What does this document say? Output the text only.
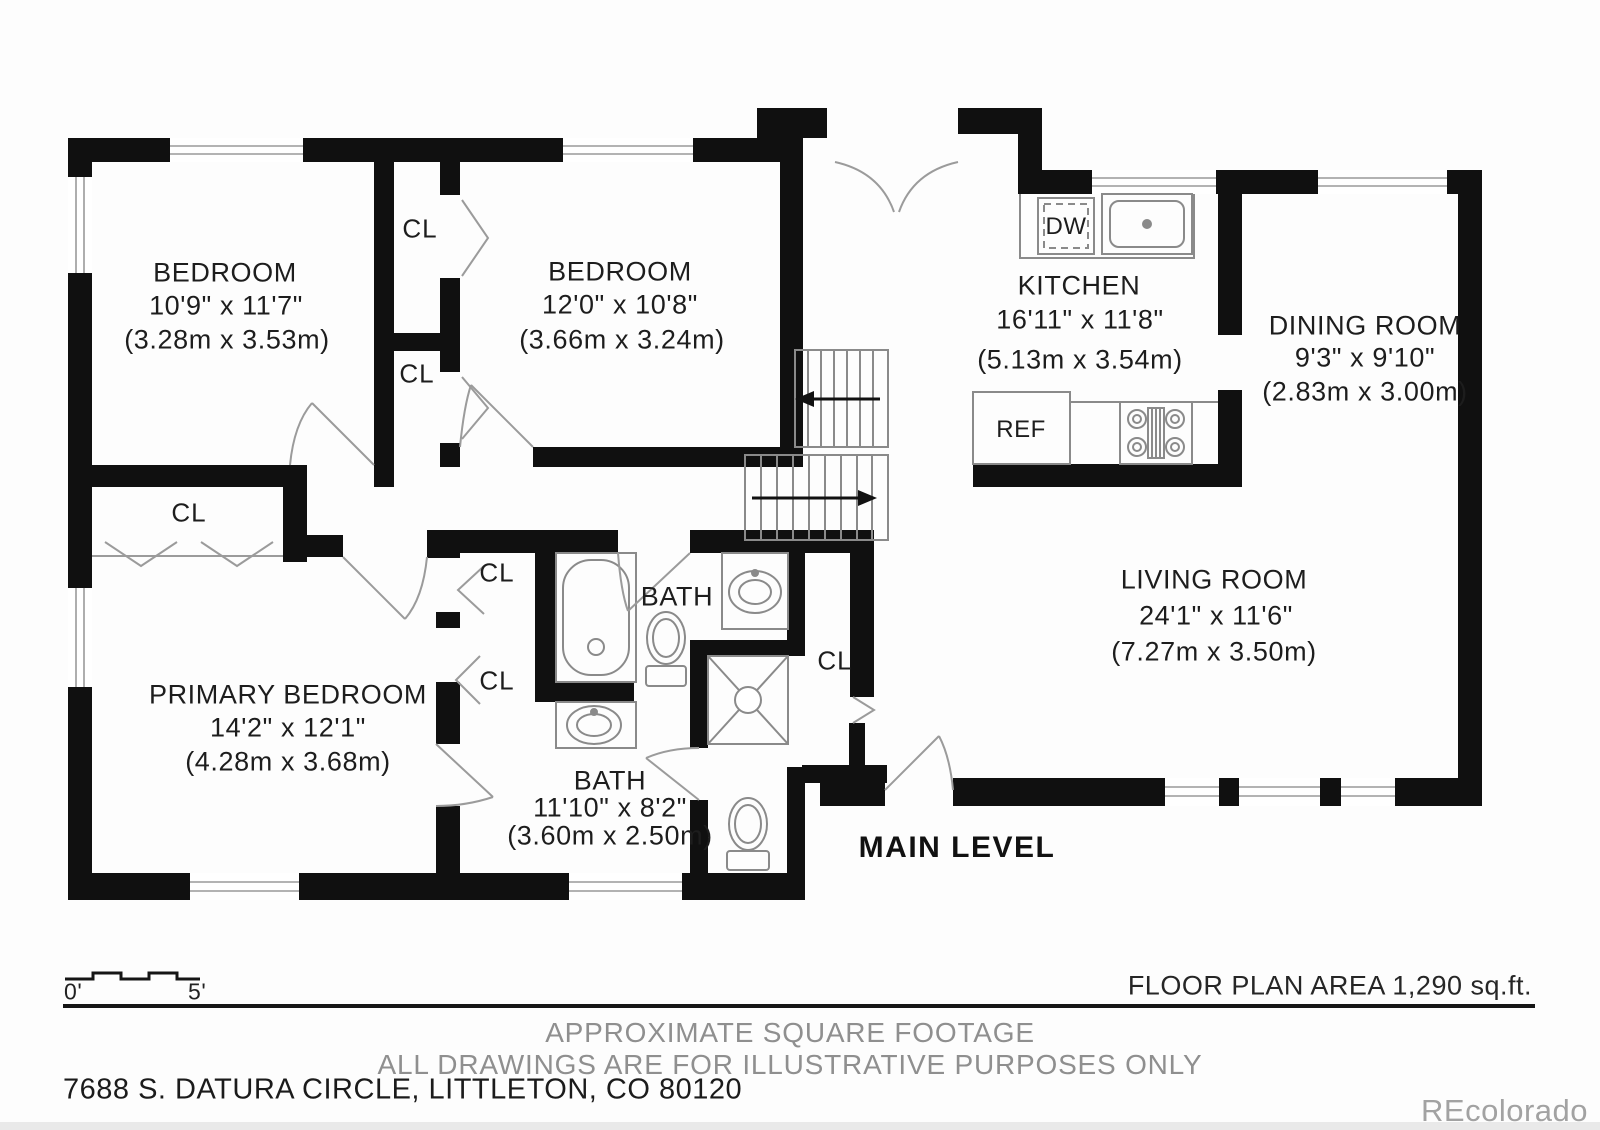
BEDROOM
10'9" x 11'7"
(3.28m x 3.53m)
BEDROOM
12'0" x 10'8"
(3.66m x 3.24m)
KITCHEN
16'11" x 11'8"
(5.13m x 3.54m)
DINING ROOM
9'3" x 9'10"
(2.83m x 3.00m)
LIVING ROOM
24'1" x 11'6"
(7.27m x 3.50m)
PRIMARY BEDROOM
14'2" x 12'1"
(4.28m x 3.68m)
BATH
BATH
11'10" x 8'2"
(3.60m x 2.50m)
CL
CL
CL
CL
CL
CL
DW
REF
MAIN LEVEL
0'	5'	FLOOR PLAN AREA 1,290 sq.ft.
APPROXIMATE SQUARE FOOTAGE
ALL DRAWINGS ARE FOR ILLUSTRATIVE PURPOSES ONLY
7688 S. DATURA CIRCLE, LITTLETON, CO 80120
REcolorado
